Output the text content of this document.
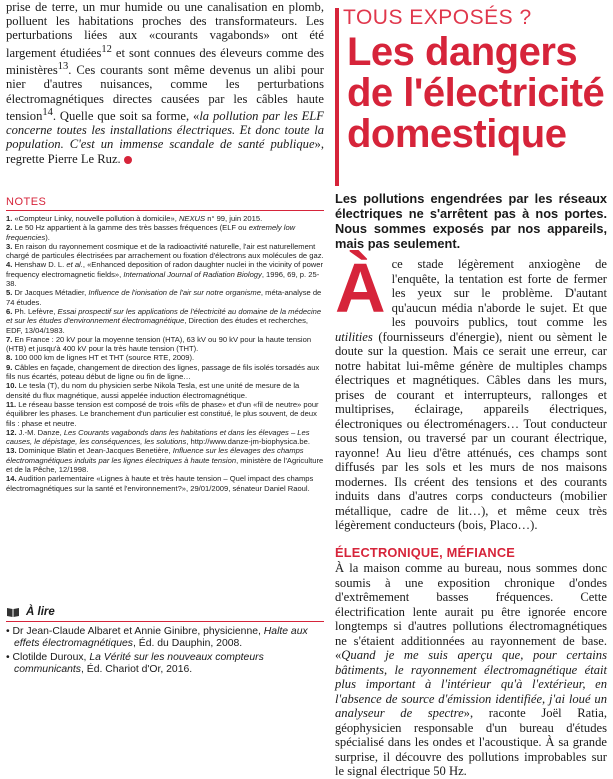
prise de terre, un mur humide ou une canalisation en plomb, polluent les habitations proches des transformateurs. Les perturbations liées aux «courants vagabonds» ont été largement étudiées$^{12}$ et sont connues des éleveurs comme des ministères$^{13}$. Ces courants sont même devenus un alibi pour nier d'autres nuisances, comme les perturbations électromagnétiques directes causées par les câbles haute tension$^{14}$. Quelle que soit sa forme, «la pollution par les ELF concerne toutes les installations électriques. Et donc toute la population. C'est un immense scandale de santé publique», regrette Pierre Le Ruz.

NOTES
1. «Compteur Linky, nouvelle pollution à domicile», NEXUS n° 99, juin 2015.
2. Le 50 Hz appartient à la gamme des très basses fréquences (ELF ou extremely low frequencies).
3. En raison du rayonnement cosmique et de la radioactivité naturelle, l'air est naturellement chargé de particules électrisées par arrachement ou fixation d'électrons aux molécules de gaz.
4. Henshaw D. L. et al., «Enhanced deposition of radon daughter nuclei in the vicinity of power frequency electromagnetic fields», International Journal of Radiation Biology, 1996, 69, p. 25-38.
5. Dr Jacques Métadier, Influence de l'ionisation de l'air sur notre organisme, méta-analyse de 74 études.
6. Ph. Lefèvre, Essai prospectif sur les applications de l'électricité au domaine de la médecine et sur les études d'environnement électromagnétique, Direction des études et recherches, EDF, 13/04/1983.
7. En France : 20 kV pour la moyenne tension (HTA), 63 kV ou 90 kV pour la haute tension (HTB) et jusqu'à 400 kV pour la très haute tension (THT).
8. 100 000 km de lignes HT et THT (source RTE, 2009).
9. Câbles en façade, changement de direction des lignes, passage de fils isolés torsadés aux fils nus écartés, poteau début de ligne ou fin de ligne…
10. Le tesla (T), du nom du physicien serbe Nikola Tesla, est une unité de mesure de la densité du flux magnétique, aussi appelée induction électromagnétique.
11. Le réseau basse tension est composé de trois «fils de phase» et d'un «fil de neutre» pour équilibrer les phases. Le branchement d'un particulier est constitué, le plus souvent, de deux fils : phase et neutre.
12. J.-M. Danze, Les Courants vagabonds dans les habitations et dans les élevages – Les causes, le dépistage, les conséquences, les solutions, http://www.danze-jm-biophysica.be.
13. Dominique Blatin et Jean-Jacques Benetière, Influence sur les élevages des champs électromagnétiques induits par les lignes électriques à haute tension, ministère de l'Agriculture et de la Pêche, 12/1998.
14. Audition parlementaire «Lignes à haute et très haute tension – Quel impact des champs électromagnétiques sur la santé et l'environnement?», 29/01/2009, sénateur Daniel Raoul.
À lire
• Dr Jean-Claude Albaret et Annie Ginibre, physicienne, Halte aux effets électromagnétiques, Éd. du Dauphin, 2008.
• Clotilde Duroux, La Vérité sur les nouveaux compteurs communicants, Éd. Chariot d'Or, 2016.
TOUS EXPOSÉS ?
Les dangers
de l'électricité
domestique

Les pollutions engendrées par les réseaux électriques ne s'arrêtent pas à nos portes. Nous sommes exposés par nos appareils, mais pas seulement.

À ce stade légèrement anxiogène de l'enquête, la tentation est forte de fermer les yeux sur le problème. D'autant qu'aucun média n'aborde le sujet. Et que les pouvoirs publics, tout comme les utilities (fournisseurs d'énergie), nient ou sèment le doute sur la question. Mais ce serait une erreur, car notre habitat lui-même génère de multiples champs électriques et magnétiques. Câbles dans les murs, prises de courant et interrupteurs, rallonges et multiprises, éclairage, appareils électriques, électroniques ou électroménagers… Tout conducteur sous tension, ou traversé par un courant électrique, rayonne! Au lieu d'être atténués, ces champs sont diffusés par les sols et les murs de nos maisons modernes. Ils créent des tensions et des courants induits dans d'autres corps conducteurs (mobilier métallique, cadre de lit…), et même ceux très légèrement conducteurs (bois, Placo…).

ÉLECTRONIQUE, MÉFIANCE

À la maison comme au bureau, nous sommes donc soumis à une exposition chronique d'ondes d'extrêmement basses fréquences. Cette électrification lente aurait pu être ignorée encore longtemps si d'autres pollutions électromagnétiques ne s'étaient additionnées au rayonnement de base. «Quand je me suis aperçu que, pour certains bâtiments, le rayonnement électromagnétique était plus important à l'intérieur qu'à l'extérieur, en l'absence de source d'émission identifiée, j'ai loué un analyseur de spectre», raconte Joël Ratia, géophysicien responsable d'un bureau d'études spécialisé dans les ondes et l'acoustique. À sa grande surprise, il découvre des pollutions improbables sur le signal électrique 50 Hz.
